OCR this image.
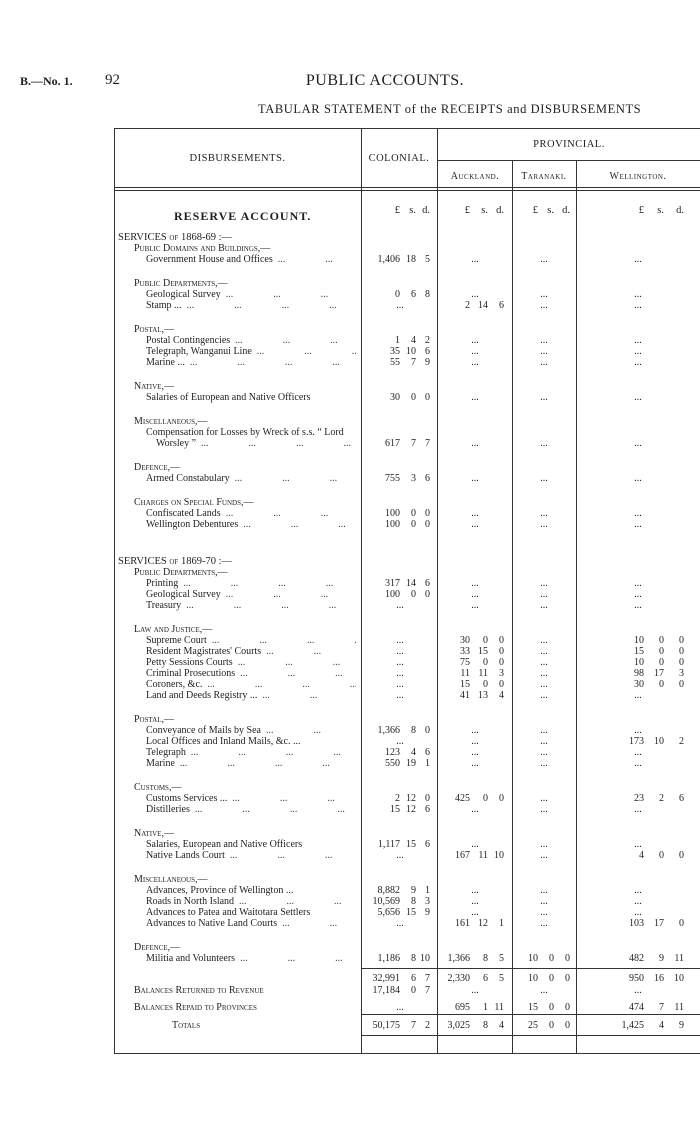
B.—No. 1. 92	PUBLIC ACCOUNTS.
TABULAR STATEMENT of the RECEIPTS and DISBURSEMENTS
DISBURSEMENTS.	COLONIAL.
PROVINCIAL.
Auckland.	Taranaki.	Wellington.
RESERVE ACCOUNT.	£ s. d.	£ s. d.	£ s. d.	£ s. d.
SERVICES of 1868-69 :—
Public Domains and Buildings,—
Government House and Offices ...	1,406 18 5	...	...	...
Public Departments,—
Geological Survey ...	0 6 8	...	...	...
Stamp ... ...	...	2 14 6	...	...
Postal,—
Postal Contingencies ...	1 4 2	...	...	...
Telegraph, Wanganui Line ...	35 10 6	...	...	...
Marine ... ...	55 7 9	...	...	...
Native,—
Salaries of European and Native Officers	30 0 0	...	...	...
Miscellaneous,—
Compensation for Losses by Wreck of s.s. “ Lord
Worsley ” ...	617 7 7	...	...	...
Defence,—
Armed Constabulary ...	755 3 6	...	...	...
Charges on Special Funds,—
Confiscated Lands ...	100 0 0	...	...	...
Wellington Debentures ...	100 0 0	...	...	...
SERVICES of 1869-70 :—
Public Departments,—
Printing ...	317 14 6	...	...	...
Geological Survey ...	100 0 0	...	...	...
Treasury ...	...	...	...	...
Law and Justice,—
Supreme Court ...	...	30 0 0	...	10 0 0
Resident Magistrates' Courts ...	...	33 15 0	...	15 0 0
Petty Sessions Courts ...	...	75 0 0	...	10 0 0
Criminal Prosecutions ...	...	11 11 3	...	98 17 3
Coroners, &c. ...	...	15 0 0	...	30 0 0
Land and Deeds Registry ... ...	...	41 13 4	...	...
Postal,—
Conveyance of Mails by Sea ...	1,366 8 0	...	...	...
Local Offices and Inland Mails, &c. ...	...	...	...	173 10 2
Telegraph ...	123 4 6	...	...	...
Marine ...	550 19 1	...	...	...
Customs,—
Customs Services ... ...	2 12 0	425 0 0	...	23 2 6
Distilleries ...	15 12 6	...	...	...
Native,—
Salaries, European and Native Officers	1,117 15 6	...	...	...
Native Lands Court ...	...	167 11 10	...	4 0 0
Miscellaneous,—
Advances, Province of Wellington ...	8,882 9 1	...	...	...
Roads in North Island ...	10,569 8 3	...	...	...
Advances to Patea and Waitotara Settlers	5,656 15 9	...	...	...
Advances to Native Land Courts ...	...	161 12 1	...	103 17 0
Defence,—
Militia and Volunteers ...	1,186 8 10	1,366 8 5	10 0 0	482 9 11
32,991 6 7	2,330 6 5	10 0 0	950 16 10
Balances Returned to Revenue	17,184 0 7	...	...	...
Balances Repaid to Provinces	...	695 1 11	15 0 0	474 7 11
Totals	50,175 7 2	3,025 8 4	25 0 0	1,425 4 9
